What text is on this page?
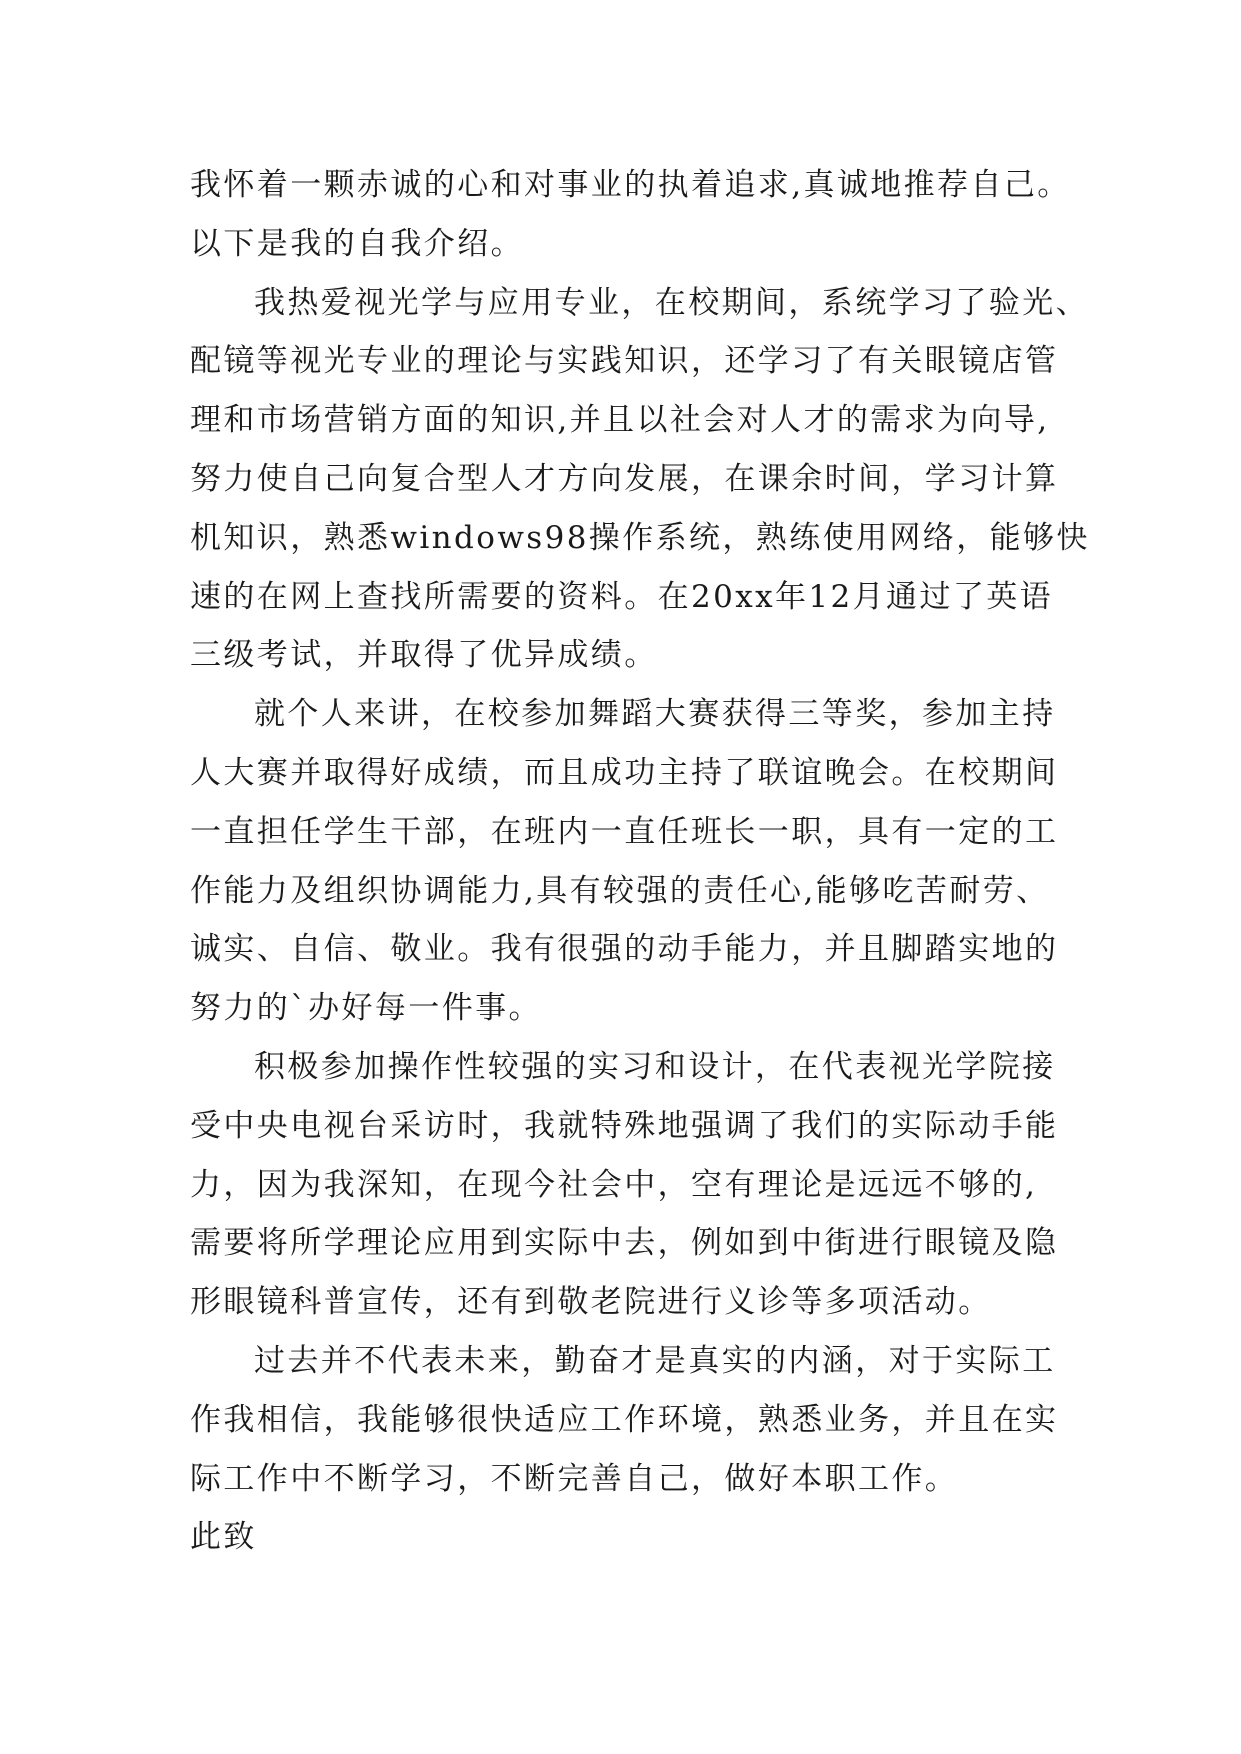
我怀着一颗赤诚的心和对事业的执着追求,真诚地推荐自己。
以下是我的自我介绍。
我热爱视光学与应用专业，在校期间，系统学习了验光、
配镜等视光专业的理论与实践知识，还学习了有关眼镜店管
理和市场营销方面的知识,并且以社会对人才的需求为向导,
努力使自己向复合型人才方向发展，在课余时间，学习计算
机知识，熟悉windows98操作系统，熟练使用网络，能够快
速的在网上查找所需要的资料。在20xx年12月通过了英语
三级考试，并取得了优异成绩。
就个人来讲，在校参加舞蹈大赛获得三等奖，参加主持
人大赛并取得好成绩，而且成功主持了联谊晚会。在校期间
一直担任学生干部，在班内一直任班长一职，具有一定的工
作能力及组织协调能力,具有较强的责任心,能够吃苦耐劳、
诚实、自信、敬业。我有很强的动手能力，并且脚踏实地的
努力的`办好每一件事。
积极参加操作性较强的实习和设计，在代表视光学院接
受中央电视台采访时，我就特殊地强调了我们的实际动手能
力，因为我深知，在现今社会中，空有理论是远远不够的,
需要将所学理论应用到实际中去，例如到中街进行眼镜及隐
形眼镜科普宣传，还有到敬老院进行义诊等多项活动。
过去并不代表未来，勤奋才是真实的内涵，对于实际工
作我相信，我能够很快适应工作环境，熟悉业务，并且在实
际工作中不断学习，不断完善自己，做好本职工作。
此致
